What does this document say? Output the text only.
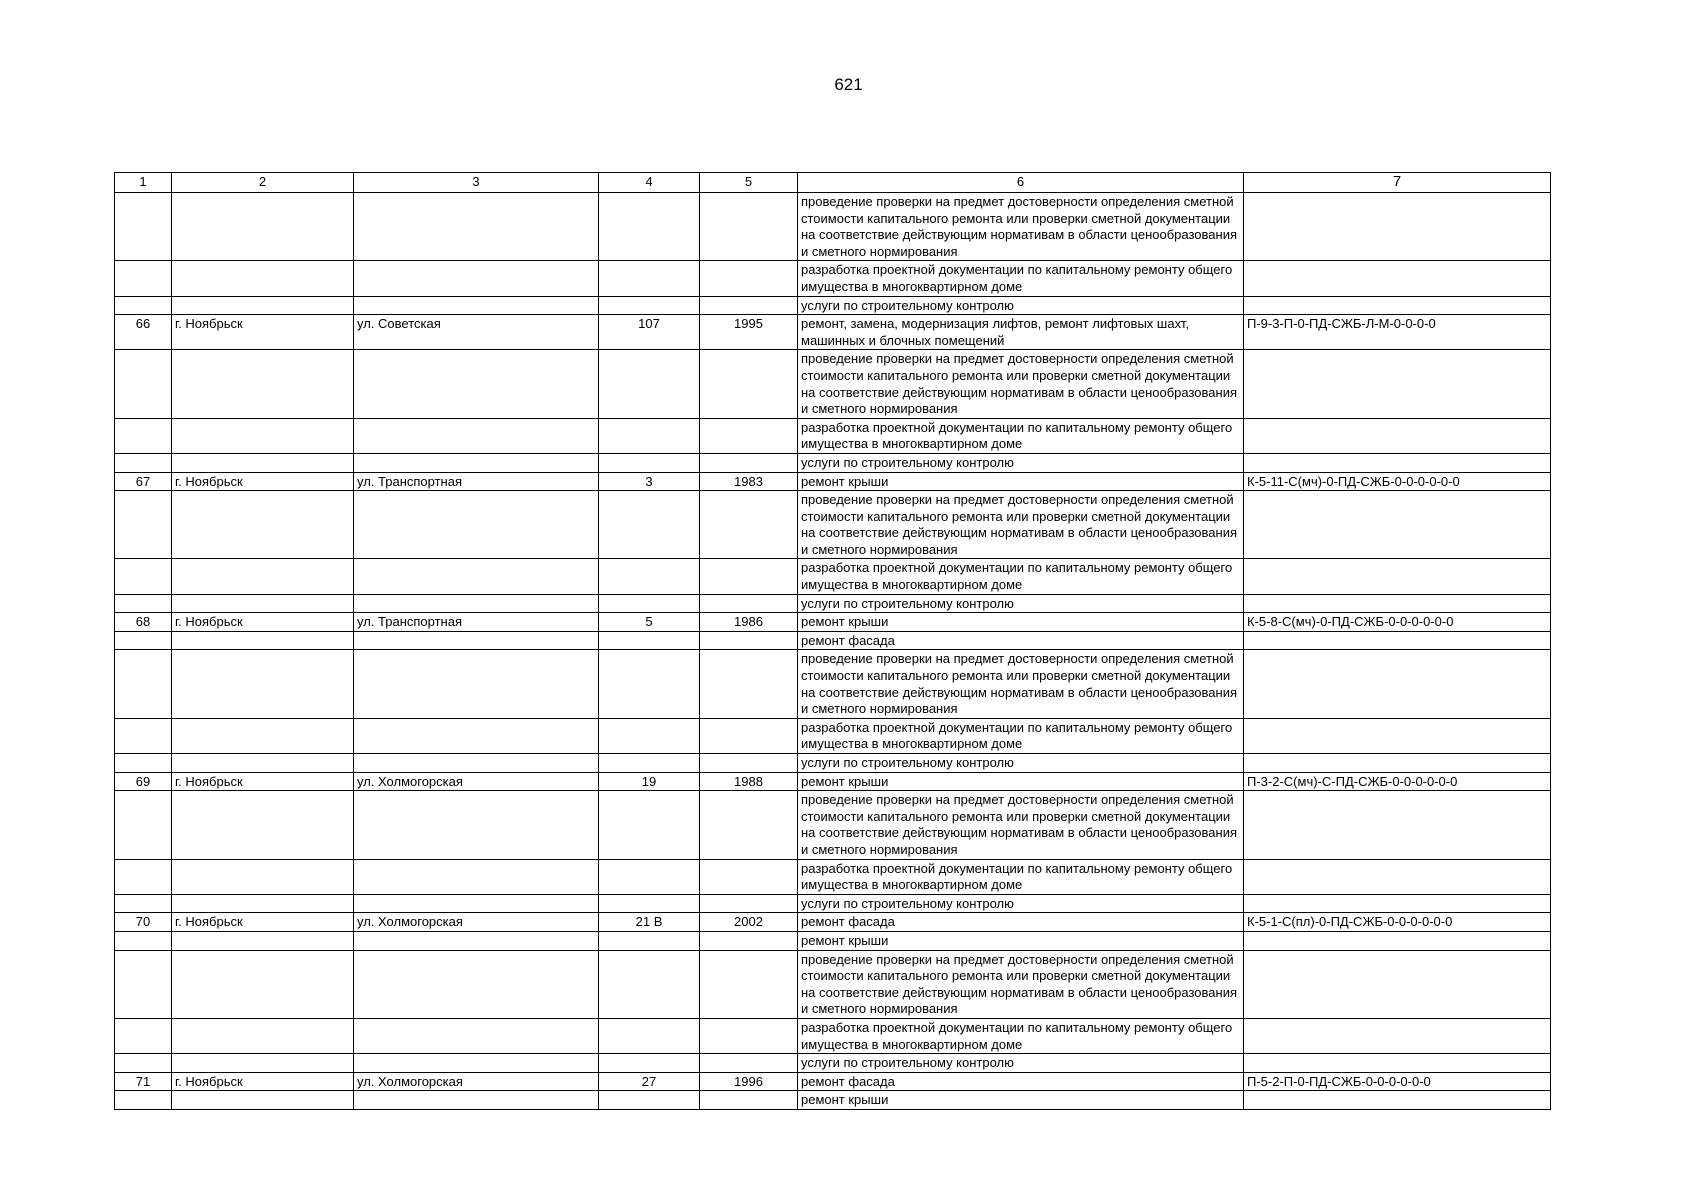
621
1	2	3	4	5	6	7
					проведение проверки на предмет достоверности определения сметной стоимости капитального ремонта или проверки сметной документации на соответствие действующим нормативам в области ценообразования и сметного нормирования	
					разработка проектной документации по капитальному ремонту общего имущества в многоквартирном доме	
					услуги по строительному контролю	
66	г. Ноябрьск	ул. Советская	107	1995	ремонт, замена, модернизация лифтов, ремонт лифтовых шахт, машинных и блочных помещений	П-9-3-П-0-ПД-СЖБ-Л-М-0-0-0-0
					проведение проверки на предмет достоверности определения сметной стоимости капитального ремонта или проверки сметной документации на соответствие действующим нормативам в области ценообразования и сметного нормирования	
					разработка проектной документации по капитальному ремонту общего имущества в многоквартирном доме	
					услуги по строительному контролю	
67	г. Ноябрьск	ул. Транспортная	3	1983	ремонт крыши	К-5-11-С(мч)-0-ПД-СЖБ-0-0-0-0-0-0
					проведение проверки на предмет достоверности определения сметной стоимости капитального ремонта или проверки сметной документации на соответствие действующим нормативам в области ценообразования и сметного нормирования	
					разработка проектной документации по капитальному ремонту общего имущества в многоквартирном доме	
					услуги по строительному контролю	
68	г. Ноябрьск	ул. Транспортная	5	1986	ремонт крыши	К-5-8-С(мч)-0-ПД-СЖБ-0-0-0-0-0-0
					ремонт фасада	
					проведение проверки на предмет достоверности определения сметной стоимости капитального ремонта или проверки сметной документации на соответствие действующим нормативам в области ценообразования и сметного нормирования	
					разработка проектной документации по капитальному ремонту общего имущества в многоквартирном доме	
					услуги по строительному контролю	
69	г. Ноябрьск	ул. Холмогорская	19	1988	ремонт крыши	П-3-2-С(мч)-С-ПД-СЖБ-0-0-0-0-0-0
					проведение проверки на предмет достоверности определения сметной стоимости капитального ремонта или проверки сметной документации на соответствие действующим нормативам в области ценообразования и сметного нормирования	
					разработка проектной документации по капитальному ремонту общего имущества в многоквартирном доме	
					услуги по строительному контролю	
70	г. Ноябрьск	ул. Холмогорская	21 В	2002	ремонт фасада	К-5-1-С(пл)-0-ПД-СЖБ-0-0-0-0-0-0
					ремонт крыши	
					проведение проверки на предмет достоверности определения сметной стоимости капитального ремонта или проверки сметной документации на соответствие действующим нормативам в области ценообразования и сметного нормирования	
					разработка проектной документации по капитальному ремонту общего имущества в многоквартирном доме	
					услуги по строительному контролю	
71	г. Ноябрьск	ул. Холмогорская	27	1996	ремонт фасада	П-5-2-П-0-ПД-СЖБ-0-0-0-0-0-0
					ремонт крыши	
